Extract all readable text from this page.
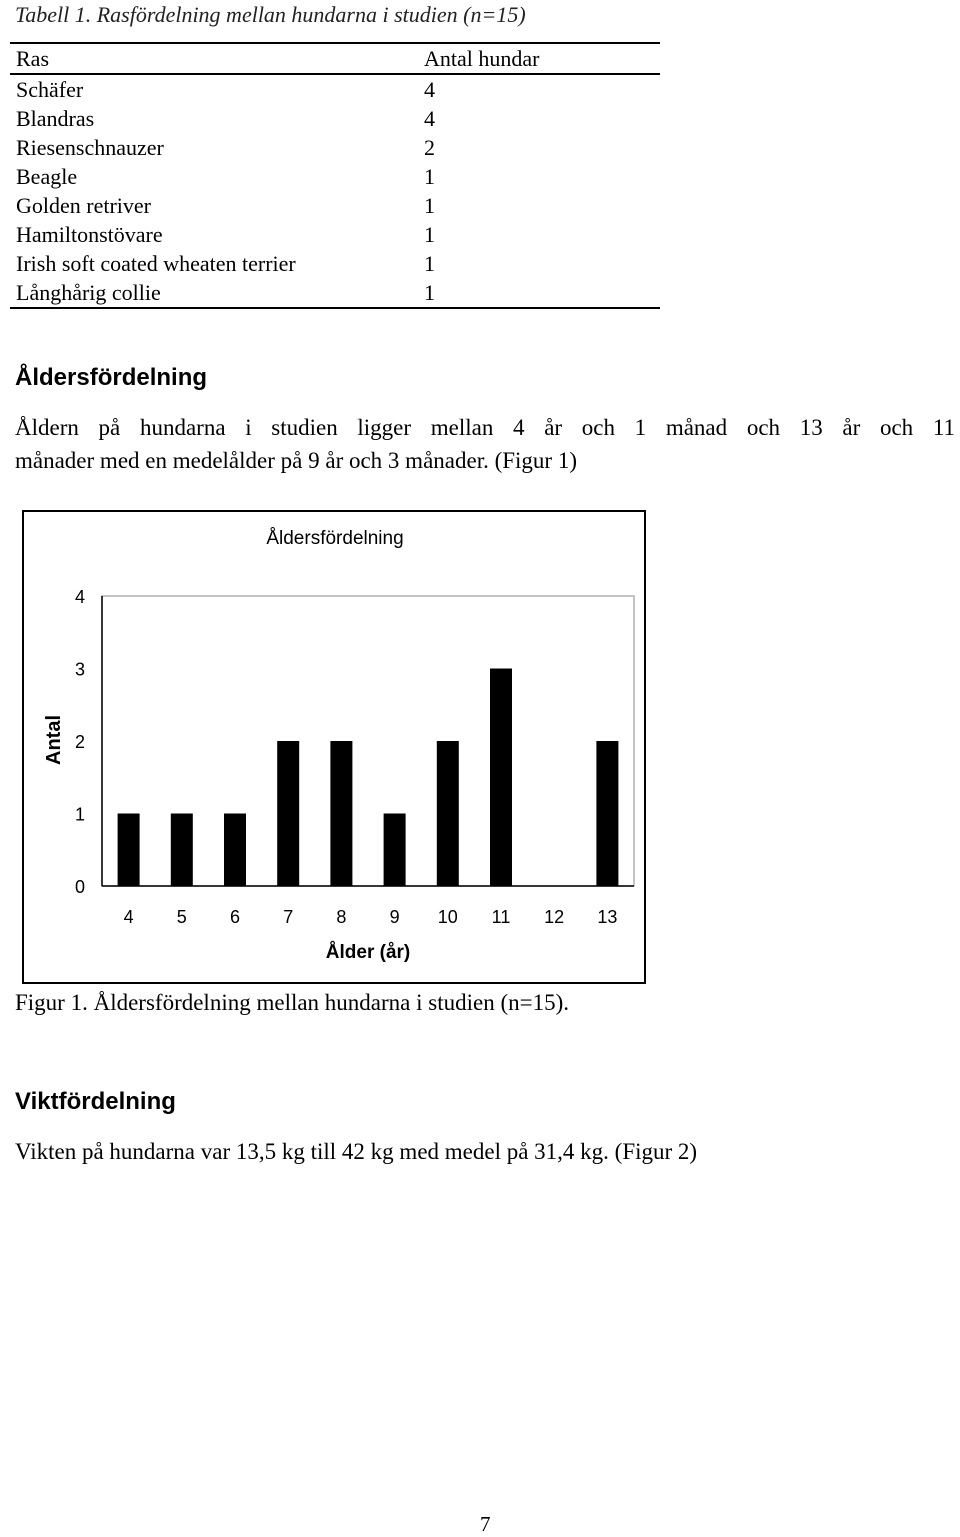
Tabell 1. Rasfördelning mellan hundarna i studien (n=15)
Ras	Antal hundar
Schäfer	4
Blandras	4
Riesenschnauzer	2
Beagle	1
Golden retriver	1
Hamiltonstövare	1
Irish soft coated wheaten terrier	1
Långhårig collie	1
Åldersfördelning
Åldern på hundarna i studien ligger mellan 4 år och 1 månad och 13 år och 11
månader med en medelålder på 9 år och 3 månader. (Figur 1)
Åldersfördelning
Antal
Ålder (år)
0
1
2
3
4
4 5 6 7 8 9 10 11 12 13
Figur 1. Åldersfördelning mellan hundarna i studien (n=15).
Viktfördelning
Vikten på hundarna var 13,5 kg till 42 kg med medel på 31,4 kg. (Figur 2)
7
